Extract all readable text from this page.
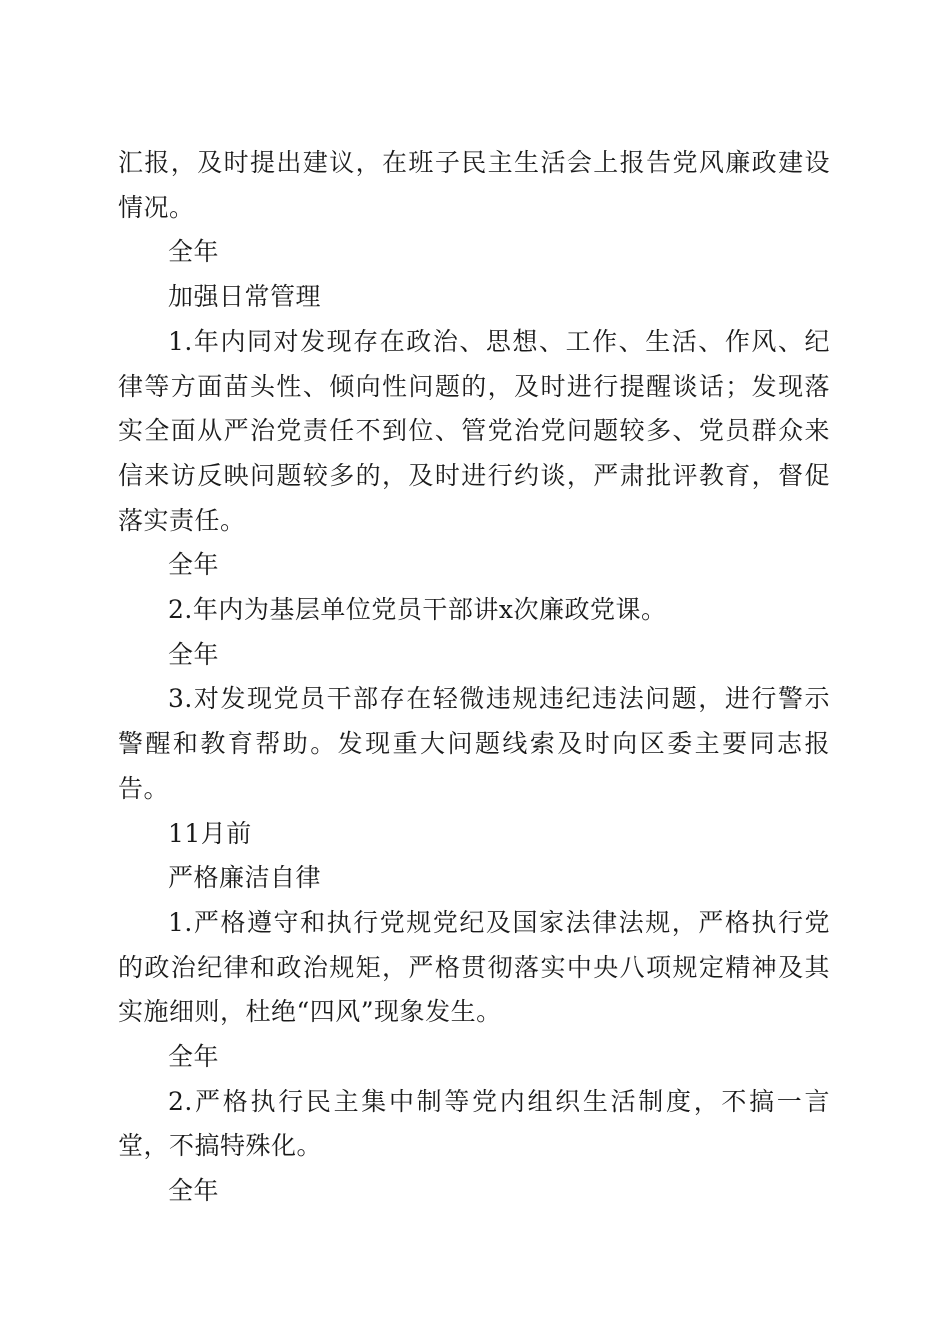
汇报，及时提出建议，在班子民主生活会上报告党风廉政建设情况。

全年

加强日常管理

1.年内同对发现存在政治、思想、工作、生活、作风、纪律等方面苗头性、倾向性问题的，及时进行提醒谈话；发现落实全面从严治党责任不到位、管党治党问题较多、党员群众来信来访反映问题较多的，及时进行约谈，严肃批评教育，督促落实责任。

全年

2.年内为基层单位党员干部讲x次廉政党课。

全年

3.对发现党员干部存在轻微违规违纪违法问题，进行警示警醒和教育帮助。发现重大问题线索及时向区委主要同志报告。

11月前

严格廉洁自律

1.严格遵守和执行党规党纪及国家法律法规，严格执行党的政治纪律和政治规矩，严格贯彻落实中央八项规定精神及其实施细则，杜绝“四风”现象发生。

全年

2.严格执行民主集中制等党内组织生活制度，不搞一言堂，不搞特殊化。

全年
